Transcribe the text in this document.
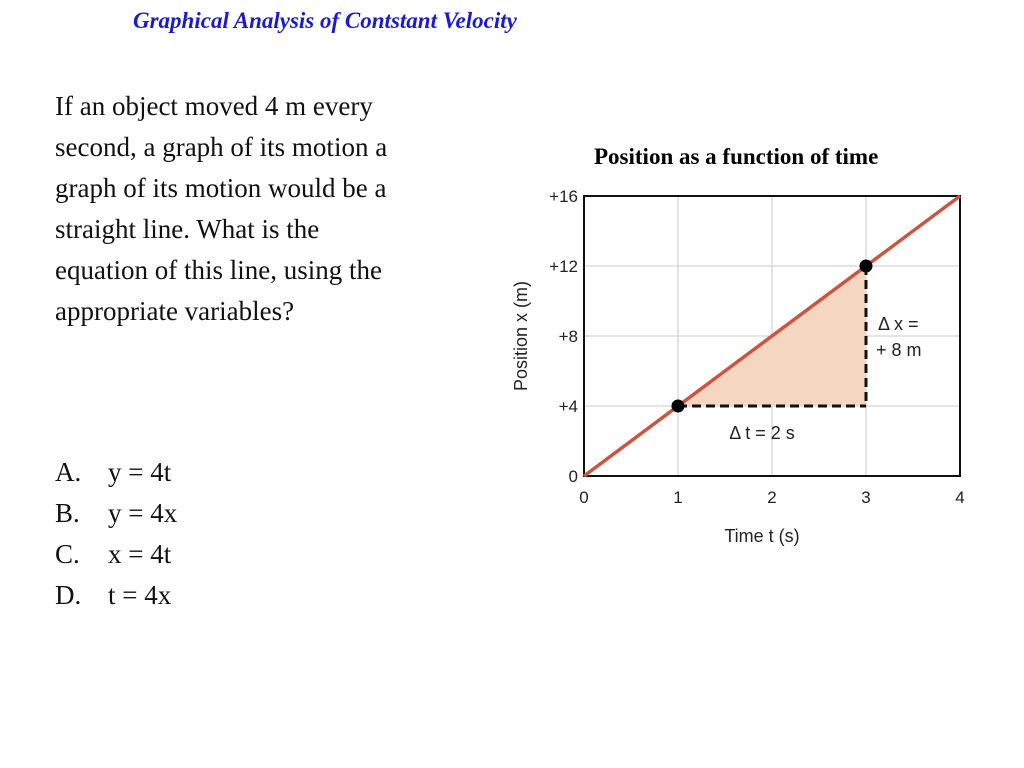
Graphical Analysis of Contstant Velocity

If an object moved 4 m every second, a graph of its motion a graph of its motion would be a straight line. What is the equation of this line, using the appropriate variables?

A. y = 4t
B.	y = 4x
C.	x = 4t
D. t = 4x
Position as a function of time
0
+4
+8
+12
+16
0	1	2	3	4
Time t (s)
Position x (m)
Δ t = 2 s
Δ x =
+ 8 m
